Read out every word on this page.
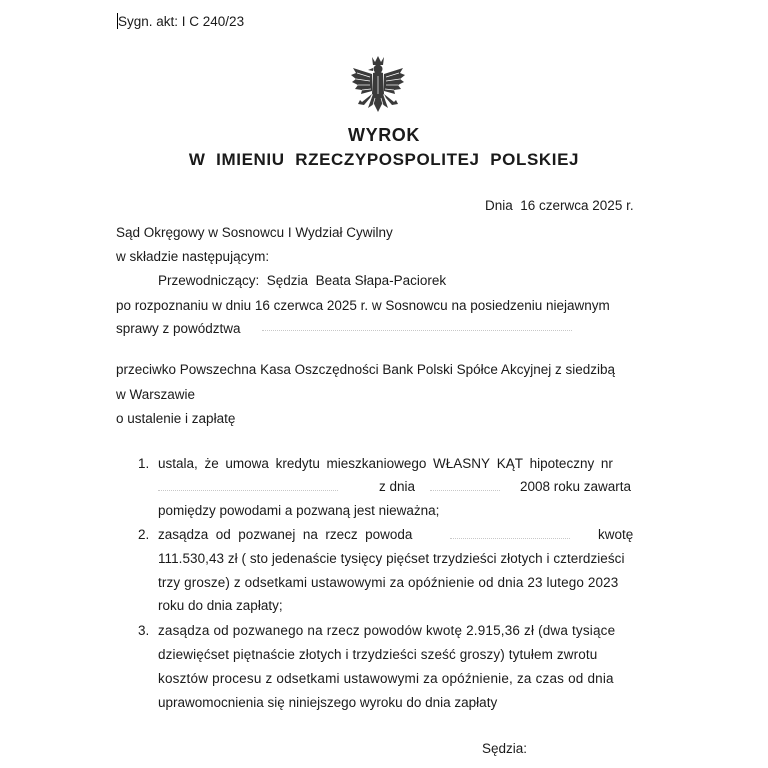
Sygn. akt: I C 240/23
WYROK
W  IMIENIU  RZECZYPOSPOLITEJ  POLSKIEJ
Dnia  16 czerwca 2025 r.
Sąd Okręgowy w Sosnowcu I Wydział Cywilny
w składzie następującym:
Przewodniczący:  Sędzia  Beata Słapa-Paciorek
po rozpoznaniu w dniu 16 czerwca 2025 r. w Sosnowcu na posiedzeniu niejawnym
sprawy z powództwa
przeciwko Powszechna Kasa Oszczędności Bank Polski Spółce Akcyjnej z siedzibą
w Warszawie
o ustalenie i zapłatę
1. ustala, że umowa kredytu mieszkaniowego WŁASNY KĄT hipoteczny nr
z dnia	2008 roku zawarta
pomiędzy powodami a pozwaną jest nieważna;
2. zasądza  od  pozwanej  na  rzecz  powoda	kwotę
111.530,43 zł ( sto jedenaście tysięcy pięćset trzydzieści złotych i czterdzieści
trzy grosze) z odsetkami ustawowymi za opóźnienie od dnia 23 lutego 2023
roku do dnia zapłaty;
3. zasądza od pozwanego na rzecz powodów kwotę 2.915,36 zł (dwa tysiące
dziewięćset piętnaście złotych i trzydzieści sześć groszy) tytułem zwrotu
kosztów procesu z odsetkami ustawowymi za opóźnienie, za czas od dnia
uprawomocnienia się niniejszego wyroku do dnia zapłaty
Sędzia:
